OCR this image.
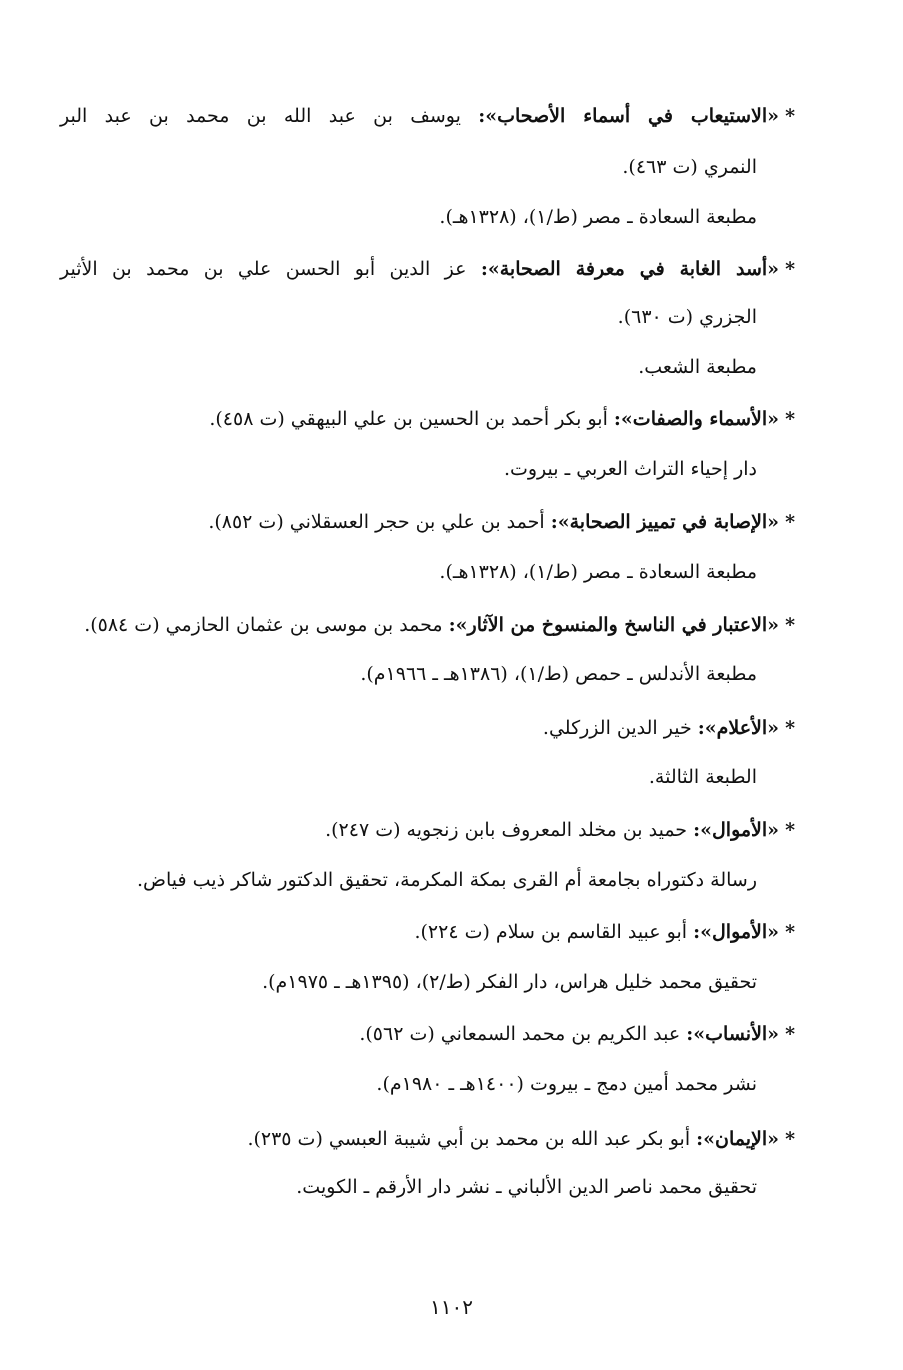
*«الاستيعاب في أسماء الأصحاب»: يوسف بن عبد الله بن محمد بن عبد البر
النمري (ت ٤٦٣).
مطبعة السعادة ـ مصر (ط/١)، (١٣٢٨هـ).
*«أسد الغابة في معرفة الصحابة»: عز الدين أبو الحسن علي بن محمد بن الأثير
الجزري (ت ٦٣٠).
مطبعة الشعب.
*«الأسماء والصفات»: أبو بكر أحمد بن الحسين بن علي البيهقي (ت ٤٥٨).
دار إحياء التراث العربي ـ بيروت.
*«الإصابة في تمييز الصحابة»: أحمد بن علي بن حجر العسقلاني (ت ٨٥٢).
مطبعة السعادة ـ مصر (ط/١)، (١٣٢٨هـ).
*«الاعتبار في الناسخ والمنسوخ من الآثار»: محمد بن موسى بن عثمان الحازمي (ت ٥٨٤).
مطبعة الأندلس ـ حمص (ط/١)، (١٣٨٦هـ ـ ١٩٦٦م).
*«الأعلام»: خير الدين الزركلي.
الطبعة الثالثة.
*«الأموال»: حميد بن مخلد المعروف بابن زنجويه (ت ٢٤٧).
رسالة دكتوراه بجامعة أم القرى بمكة المكرمة، تحقيق الدكتور شاكر ذيب فياض.
*«الأموال»: أبو عبيد القاسم بن سلام (ت ٢٢٤).
تحقيق محمد خليل هراس، دار الفكر (ط/٢)، (١٣٩٥هـ ـ ١٩٧٥م).
*«الأنساب»: عبد الكريم بن محمد السمعاني (ت ٥٦٢).
نشر محمد أمين دمج ـ بيروت (١٤٠٠هـ ـ ١٩٨٠م).
*«الإيمان»: أبو بكر عبد الله بن محمد بن أبي شيبة العبسي (ت ٢٣٥).
تحقيق محمد ناصر الدين الألباني ـ نشر دار الأرقم ـ الكويت.
١١٠٢
